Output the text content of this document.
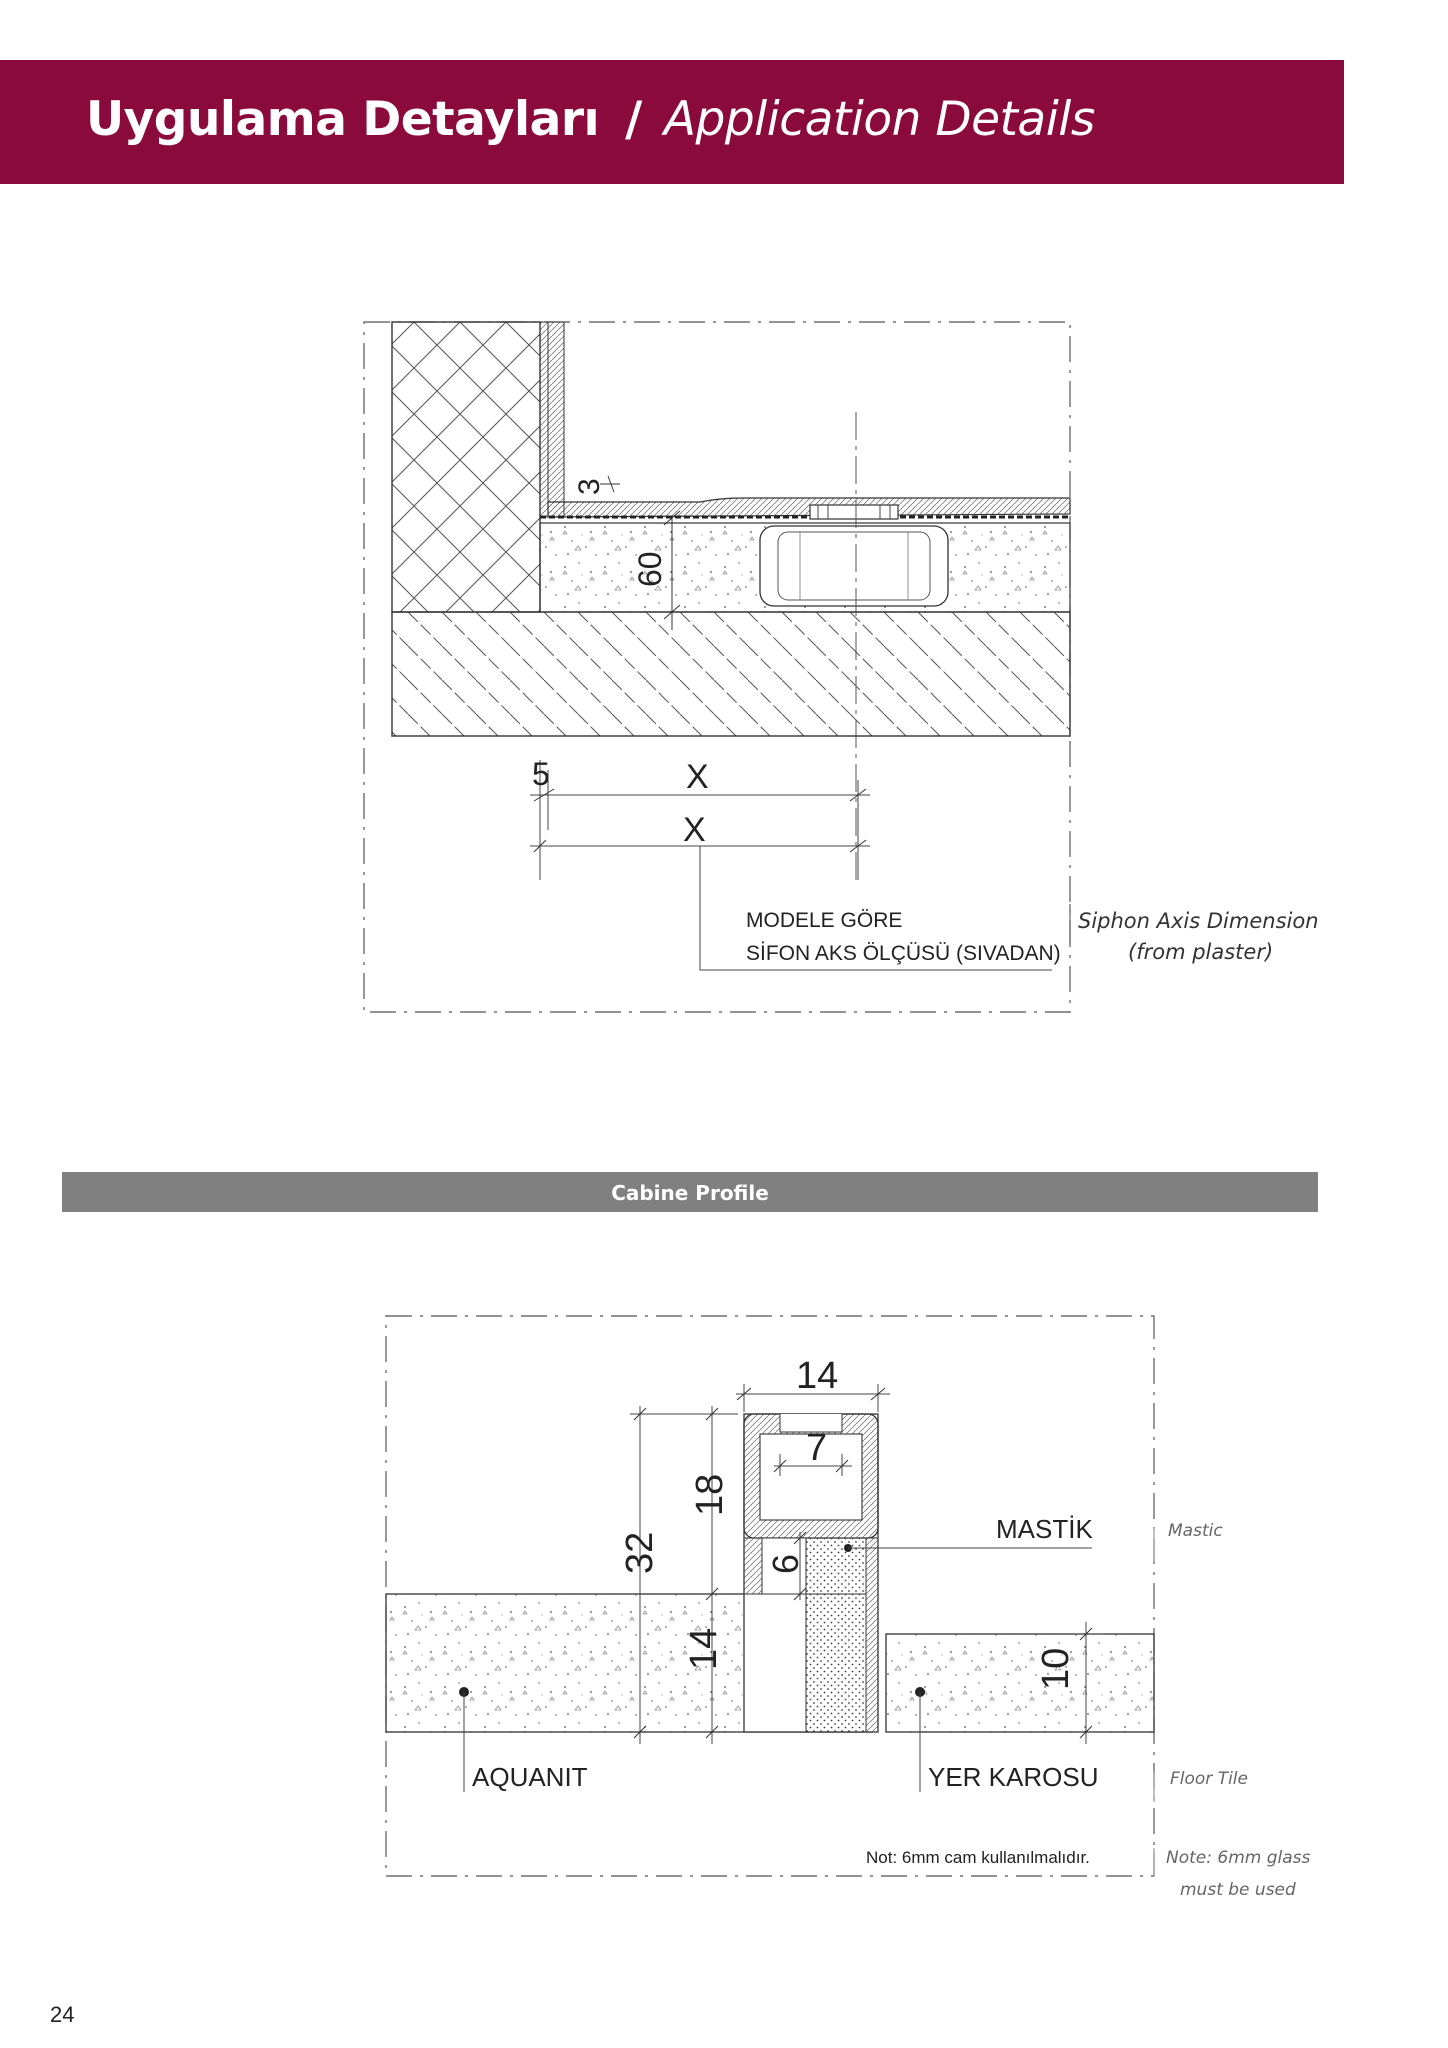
Uygulama Detayları / Application Details
3
60
5	X
X
MODELE GÖRE
SİFON AKS ÖLÇÜSÜ (SIVADAN)
Siphon Axis Dimension
(from plaster)
14
7
18
32	6
14	10
MASTİK	Mastic
AQUANIT	YER KAROSU	Floor Tile
Not: 6mm cam kullanılmalıdır.	Note: 6mm glass
must be used
Cabine Profile
24
